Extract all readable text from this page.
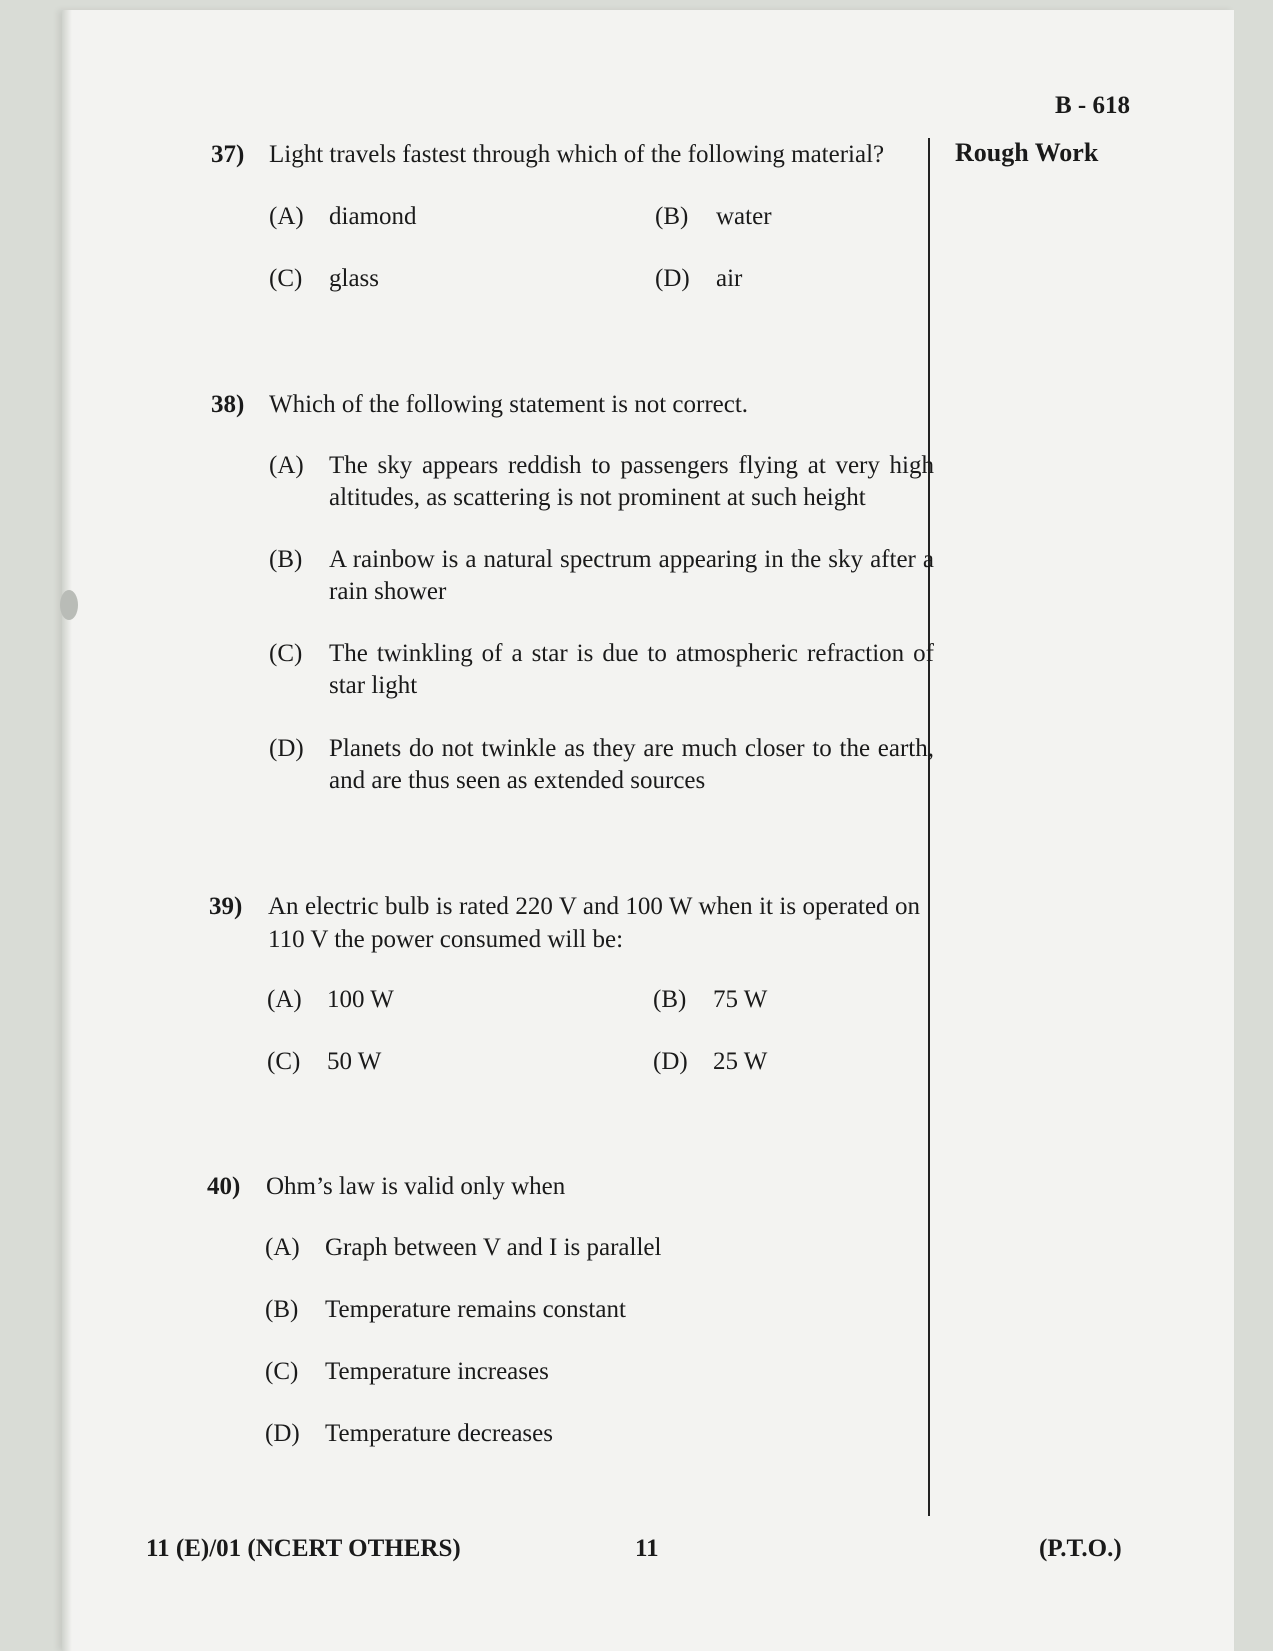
B - 618
Rough Work
37) Light travels fastest through which of the following material?
(A) diamond	(B) water
(C) glass	(D) air
38) Which of the following statement is not correct.
(A) The sky appears reddish to passengers flying at very high altitudes, as scattering is not prominent at such height
(B) A rainbow is a natural spectrum appearing in the sky after a rain shower
(C) The twinkling of a star is due to atmospheric refraction of star light
(D) Planets do not twinkle as they are much closer to the earth, and are thus seen as extended sources
39) An electric bulb is rated 220 V and 100 W when it is operated on 110 V the power consumed will be:
(A) 100 W	(B) 75 W
(C) 50 W	(D) 25 W
40) Ohm’s law is valid only when
(A) Graph between V and I is parallel
(B) Temperature remains constant
(C) Temperature increases
(D) Temperature decreases
11 (E)/01 (NCERT OTHERS)	11	(P.T.O.)
